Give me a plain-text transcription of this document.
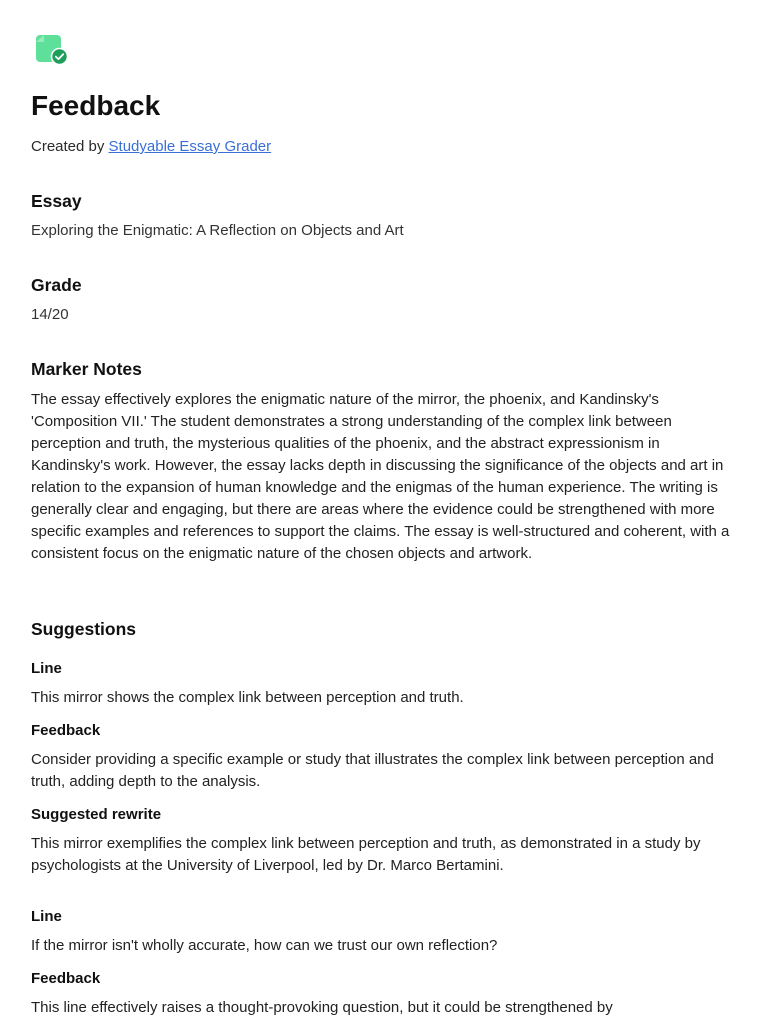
Feedback
Created by Studyable Essay Grader
Essay

Exploring the Enigmatic: A Reflection on Objects and Art

Grade

14/20

Marker Notes

The essay effectively explores the enigmatic nature of the mirror, the phoenix, and Kandinsky's 'Composition VII.' The student demonstrates a strong understanding of the complex link between perception and truth, the mysterious qualities of the phoenix, and the abstract expressionism in Kandinsky's work. However, the essay lacks depth in discussing the significance of the objects and art in relation to the expansion of human knowledge and the enigmas of the human experience. The writing is generally clear and engaging, but there are areas where the evidence could be strengthened with more specific examples and references to support the claims. The essay is well-structured and coherent, with a consistent focus on the enigmatic nature of the chosen objects and artwork.

Suggestions
Line

This mirror shows the complex link between perception and truth.

Feedback

Consider providing a specific example or study that illustrates the complex link between perception and truth, adding depth to the analysis.

Suggested rewrite

This mirror exemplifies the complex link between perception and truth, as demonstrated in a study by psychologists at the University of Liverpool, led by Dr. Marco Bertamini.

Line

If the mirror isn't wholly accurate, how can we trust our own reflection?

Feedback

This line effectively raises a thought-provoking question, but it could be strengthened by
